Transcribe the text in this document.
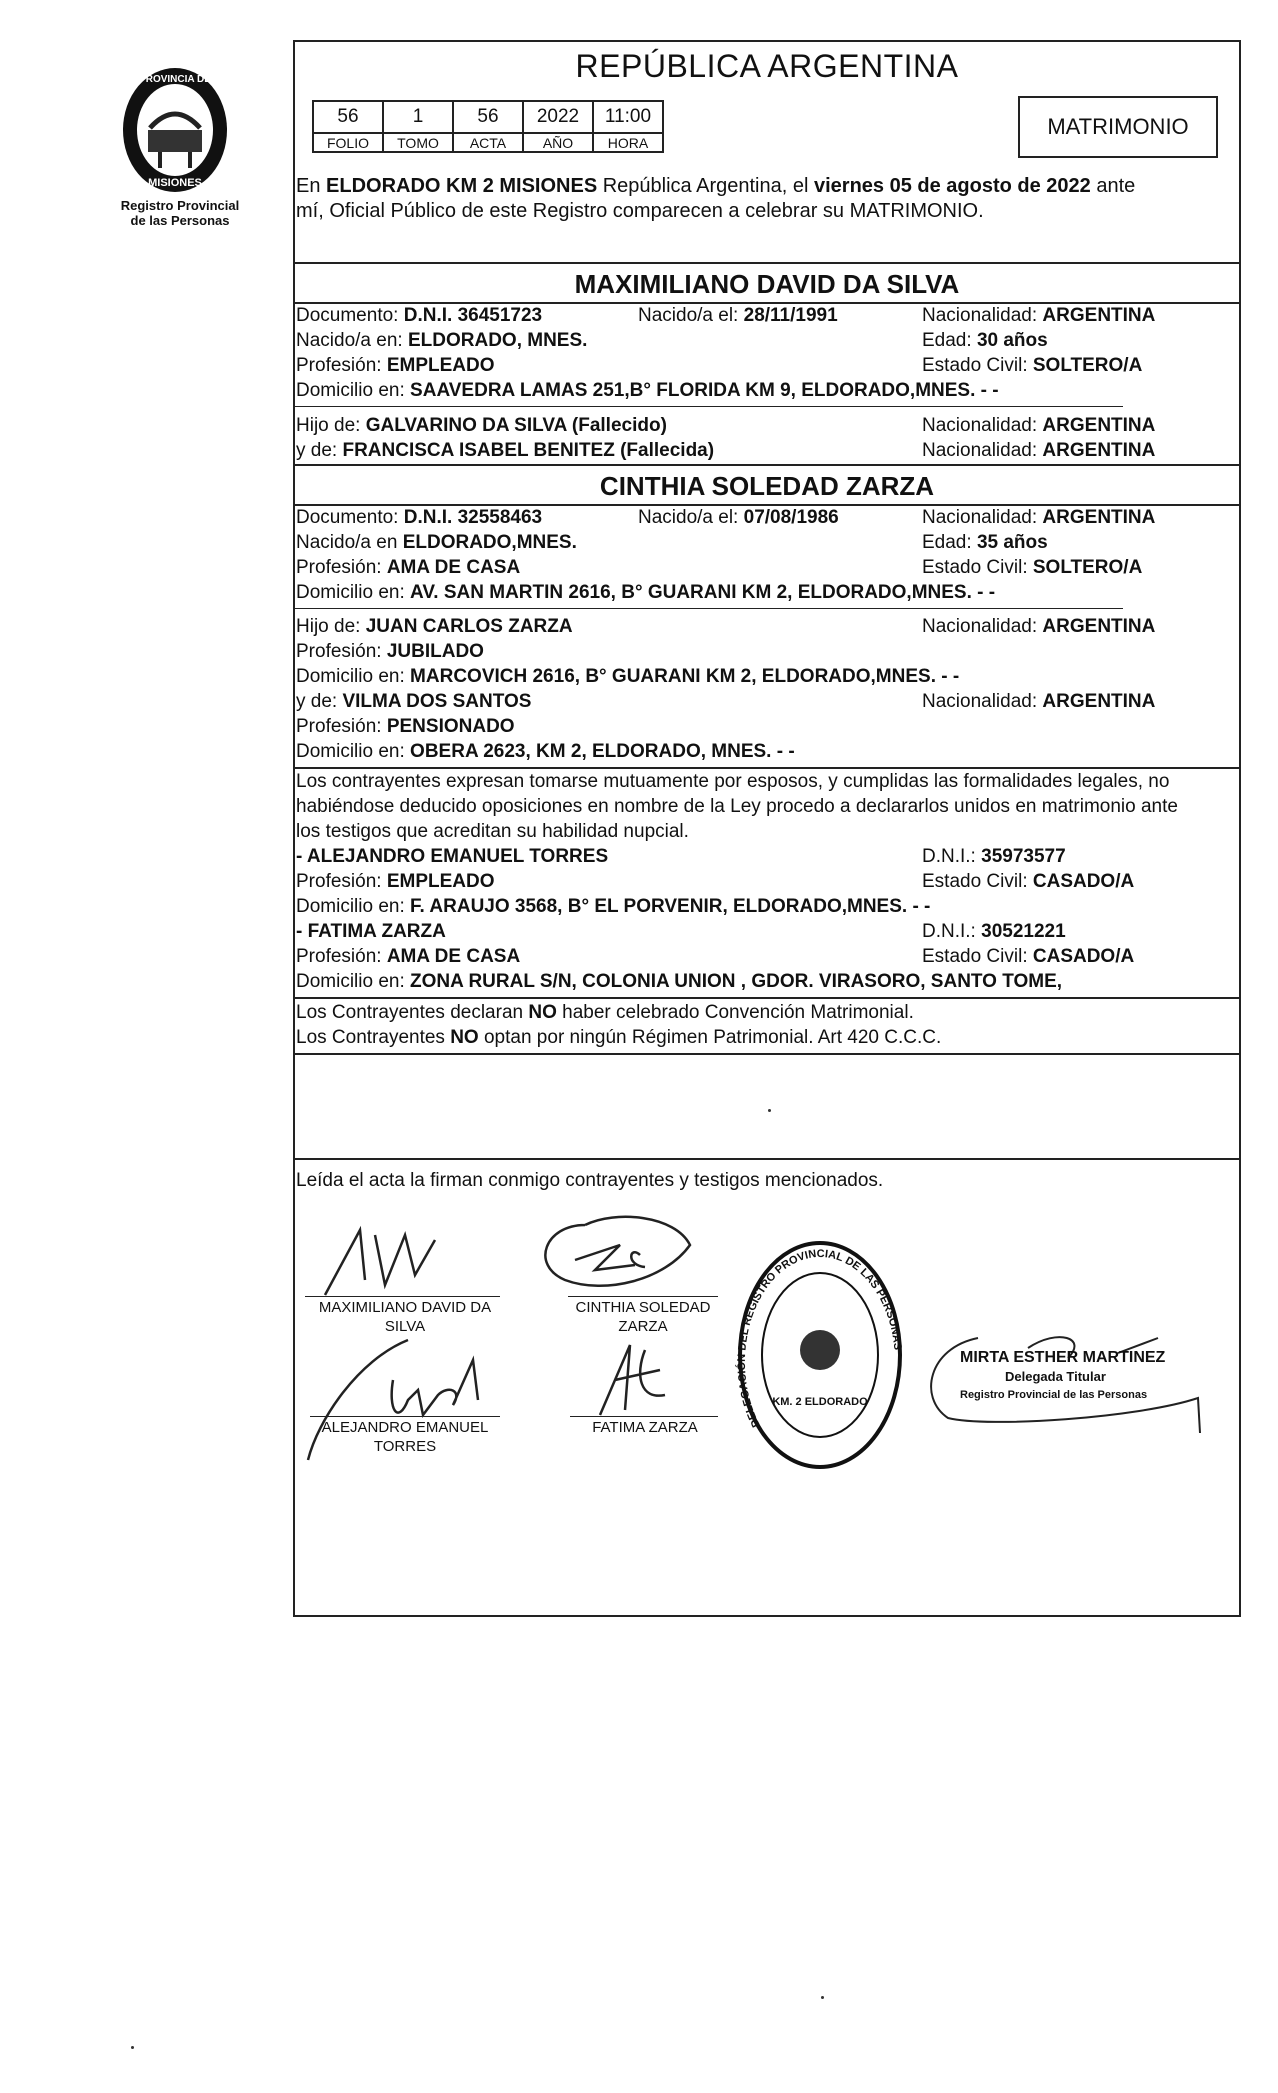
PROVINCIA DE
MISIONES
Registro Provincial
de las Personas
REPÚBLICA ARGENTINA
56	1	56	2022	11:00
FOLIO	TOMO	ACTA	AÑO	HORA
MATRIMONIO
En ELDORADO KM 2 MISIONES República Argentina, el viernes 05 de agosto de 2022 ante
mí, Oficial Público de este Registro comparecen a celebrar su MATRIMONIO.
MAXIMILIANO DAVID DA SILVA
Documento: D.N.I. 36451723	Nacido/a el: 28/11/1991	Nacionalidad: ARGENTINA
Nacido/a en: ELDORADO, MNES.	Edad: 30 años
Profesión: EMPLEADO	Estado Civil: SOLTERO/A
Domicilio en: SAAVEDRA LAMAS 251,B° FLORIDA KM 9, ELDORADO,MNES. - -
Hijo de: GALVARINO DA SILVA (Fallecido)	Nacionalidad: ARGENTINA
y de: FRANCISCA ISABEL BENITEZ (Fallecida)	Nacionalidad: ARGENTINA
CINTHIA SOLEDAD ZARZA
Documento: D.N.I. 32558463	Nacido/a el: 07/08/1986	Nacionalidad: ARGENTINA
Nacido/a en ELDORADO,MNES.	Edad: 35 años
Profesión: AMA DE CASA	Estado Civil: SOLTERO/A
Domicilio en: AV. SAN MARTIN 2616, B° GUARANI KM 2, ELDORADO,MNES. - -
Hijo de: JUAN CARLOS ZARZA	Nacionalidad: ARGENTINA
Profesión: JUBILADO
Domicilio en: MARCOVICH 2616, B° GUARANI KM 2, ELDORADO,MNES. - -
y de: VILMA DOS SANTOS	Nacionalidad: ARGENTINA
Profesión: PENSIONADO
Domicilio en: OBERA 2623, KM 2, ELDORADO, MNES. - -
Los contrayentes expresan tomarse mutuamente por esposos, y cumplidas las formalidades legales, no
habiéndose deducido oposiciones en nombre de la Ley procedo a declararlos unidos en matrimonio ante
los testigos que acreditan su habilidad nupcial.
- ALEJANDRO EMANUEL TORRES	D.N.I.: 35973577
Profesión: EMPLEADO	Estado Civil: CASADO/A
Domicilio en: F. ARAUJO 3568, B° EL PORVENIR, ELDORADO,MNES. - -
- FATIMA ZARZA	D.N.I.: 30521221
Profesión: AMA DE CASA	Estado Civil: CASADO/A
Domicilio en: ZONA RURAL S/N, COLONIA UNION , GDOR. VIRASORO, SANTO TOME,
Los Contrayentes declaran NO haber celebrado Convención Matrimonial.
Los Contrayentes NO optan por ningún Régimen Patrimonial. Art 420 C.C.C.
Leída el acta la firman conmigo contrayentes y testigos mencionados.
MAXIMILIANO DAVID DA
SILVA
CINTHIA SOLEDAD
ZARZA
ALEJANDRO EMANUEL
TORRES
FATIMA ZARZA	DELEGACIÓN DEL REGISTRO PROVINCIAL DE LAS PERSONAS
KM. 2 ELDORADO
MIRTA ESTHER MARTINEZ
Delegada Titular
Registro Provincial de las Personas
